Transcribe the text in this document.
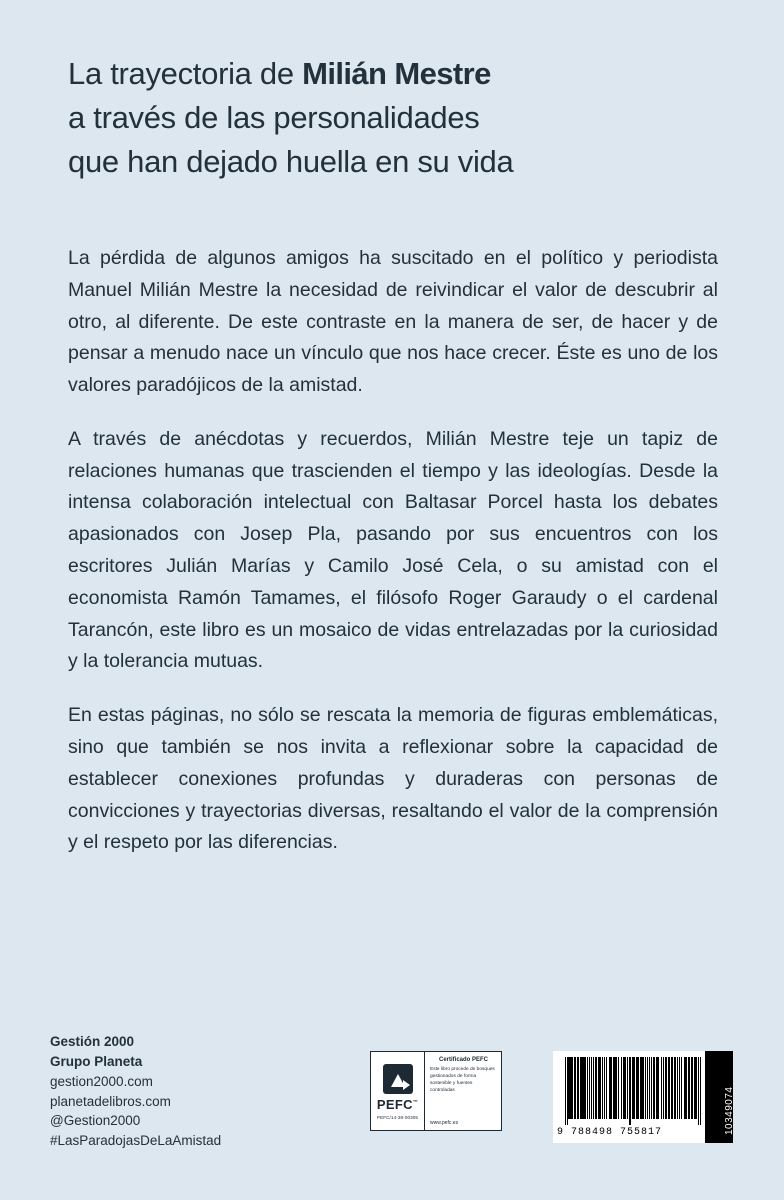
La trayectoria de Milián Mestre
a través de las personalidades
que han dejado huella en su vida

La pérdida de algunos amigos ha suscitado en el político y periodista Manuel Milián Mestre la necesidad de reivindicar el valor de descubrir al otro, al diferente. De este contraste en la manera de ser, de hacer y de pensar a menudo nace un vínculo que nos hace crecer. Éste es uno de los valores paradójicos de la amistad.

A través de anécdotas y recuerdos, Milián Mestre teje un tapiz de relaciones humanas que trascienden el tiempo y las ideologías. Desde la intensa colaboración intelectual con Baltasar Porcel hasta los debates apasionados con Josep Pla, pasando por sus encuentros con los escritores Julián Marías y Camilo José Cela, o su amistad con el economista Ramón Tamames, el filósofo Roger Garaudy o el cardenal Tarancón, este libro es un mosaico de vidas entrelazadas por la curiosidad y la tolerancia mutuas.

En estas páginas, no sólo se rescata la memoria de figuras emblemáticas, sino que también se nos invita a reflexionar sobre la capacidad de establecer conexiones profundas y duraderas con personas de convicciones y trayectorias diversas, resaltando el valor de la comprensión y el respeto por las diferencias.

Gestión 2000
Grupo Planeta
gestion2000.com
planetadelibros.com
@Gestion2000
#LasParadojasDeLaAmistad
PEFC™
PEFC/14-38-00305
Certificado PEFC
Este libro procede de bosques gestionados de forma sostenible y fuentes controladas
www.pefc.es
9 788498 755817	10349074
